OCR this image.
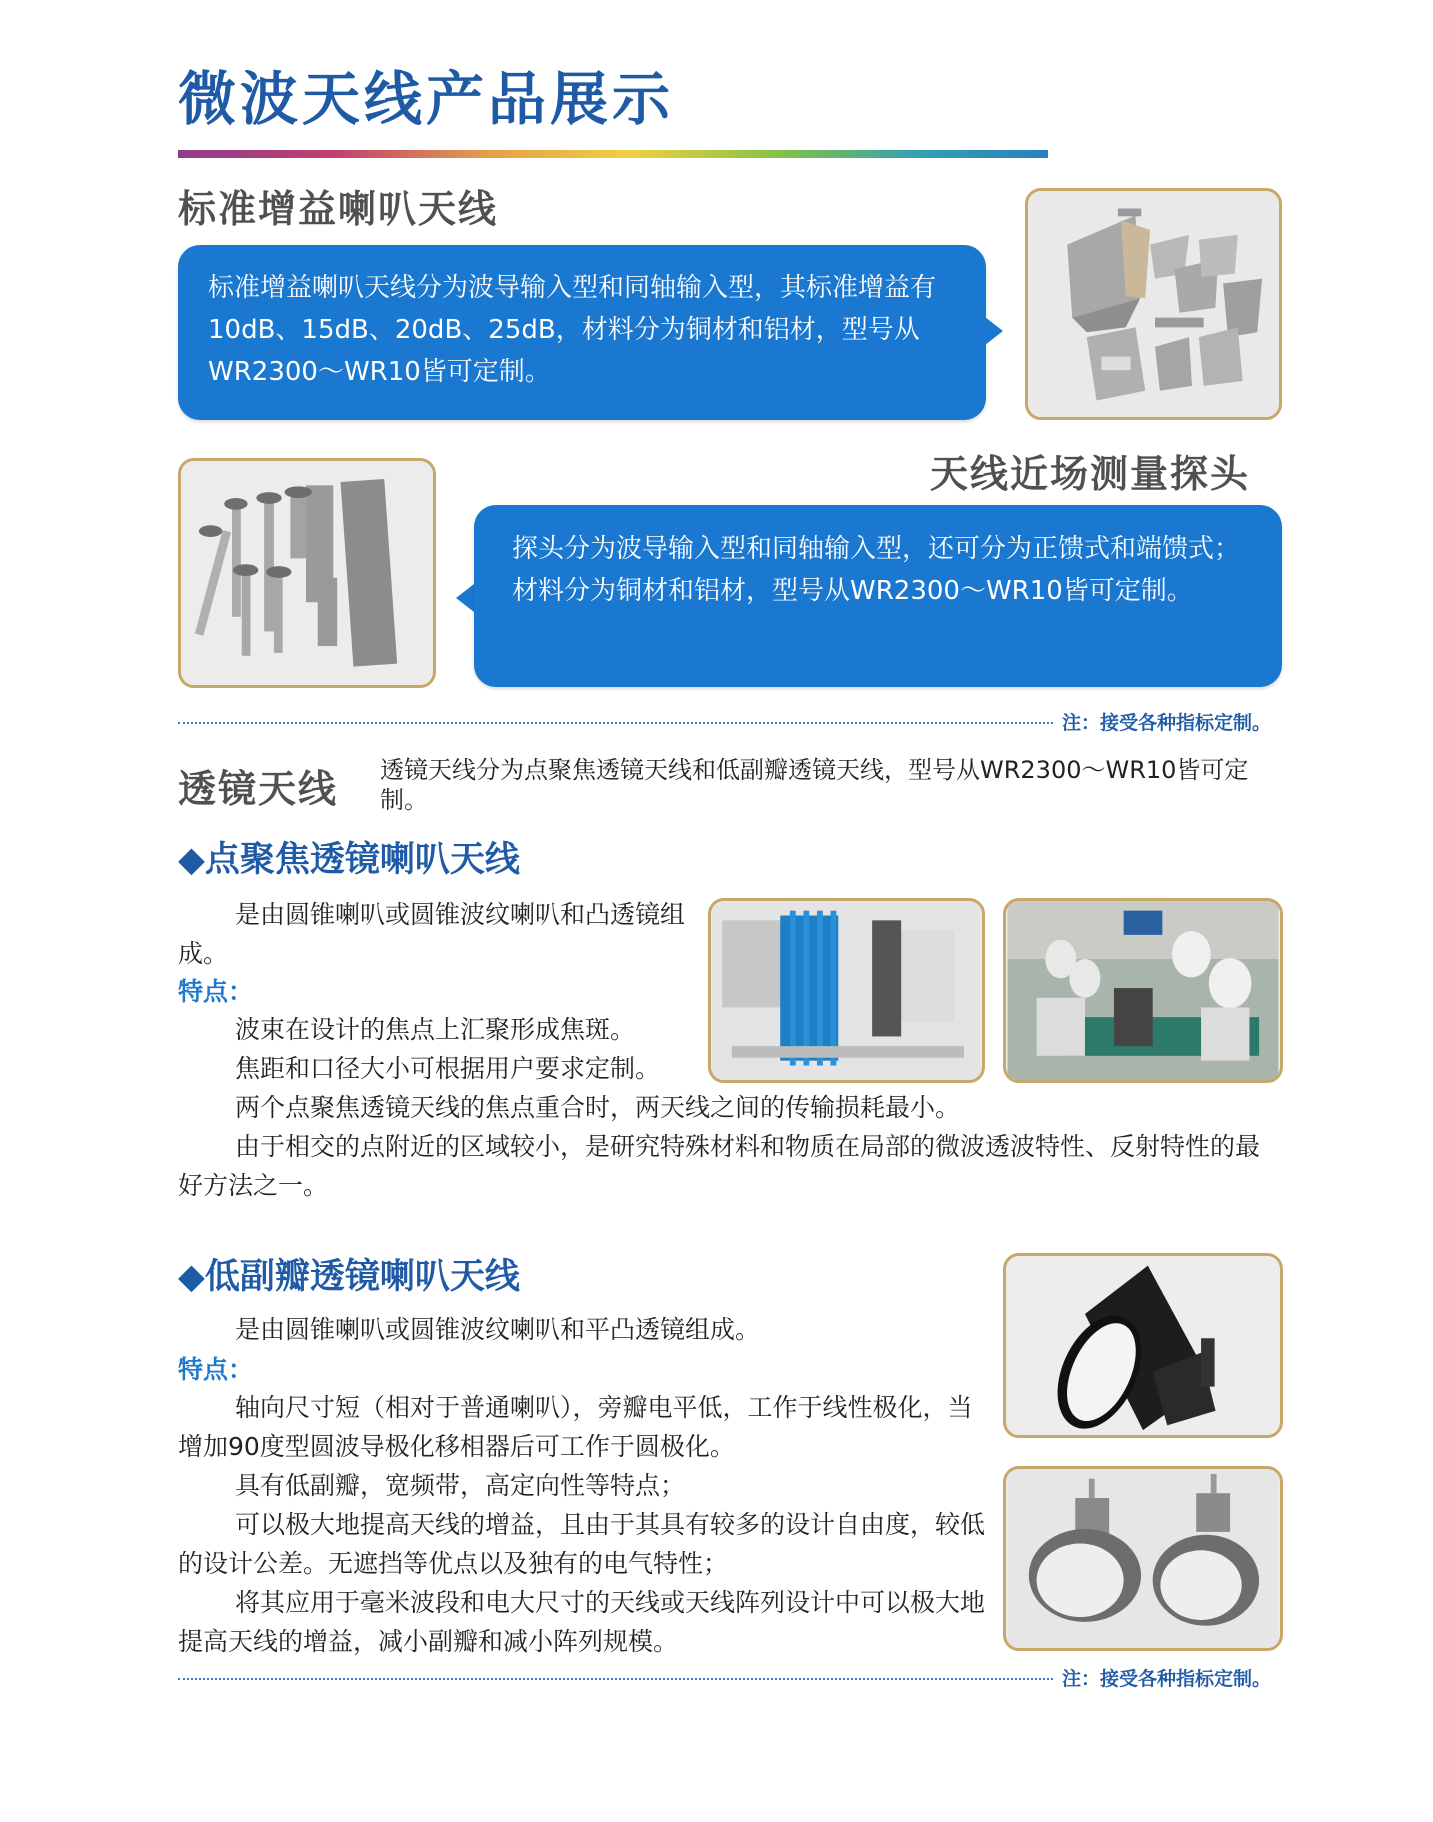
微波天线产品展示
标准增益喇叭天线
标准增益喇叭天线分为波导输入型和同轴输入型，其标准增益有10dB、15dB、20dB、25dB，材料分为铜材和铝材，型号从WR2300～WR10皆可定制。
天线近场测量探头
探头分为波导输入型和同轴输入型，还可分为正馈式和端馈式；材料分为铜材和铝材，型号从WR2300～WR10皆可定制。
注：接受各种指标定制。
透镜天线 透镜天线分为点聚焦透镜天线和低副瓣透镜天线，型号从WR2300～WR10皆可定制。
◆点聚焦透镜喇叭天线
是由圆锥喇叭或圆锥波纹喇叭和凸透镜组成。
特点：
波束在设计的焦点上汇聚形成焦斑。
焦距和口径大小可根据用户要求定制。
两个点聚焦透镜天线的焦点重合时，两天线之间的传输损耗最小。
由于相交的点附近的区域较小，是研究特殊材料和物质在局部的微波透波特性、反射特性的最好方法之一。
◆低副瓣透镜喇叭天线
是由圆锥喇叭或圆锥波纹喇叭和平凸透镜组成。
特点：
轴向尺寸短（相对于普通喇叭），旁瓣电平低，工作于线性极化，当增加90度型圆波导极化移相器后可工作于圆极化。
具有低副瓣，宽频带，高定向性等特点；
可以极大地提高天线的增益，且由于其具有较多的设计自由度，较低的设计公差。无遮挡等优点以及独有的电气特性；
将其应用于毫米波段和电大尺寸的天线或天线阵列设计中可以极大地提高天线的增益，减小副瓣和减小阵列规模。
注：接受各种指标定制。
